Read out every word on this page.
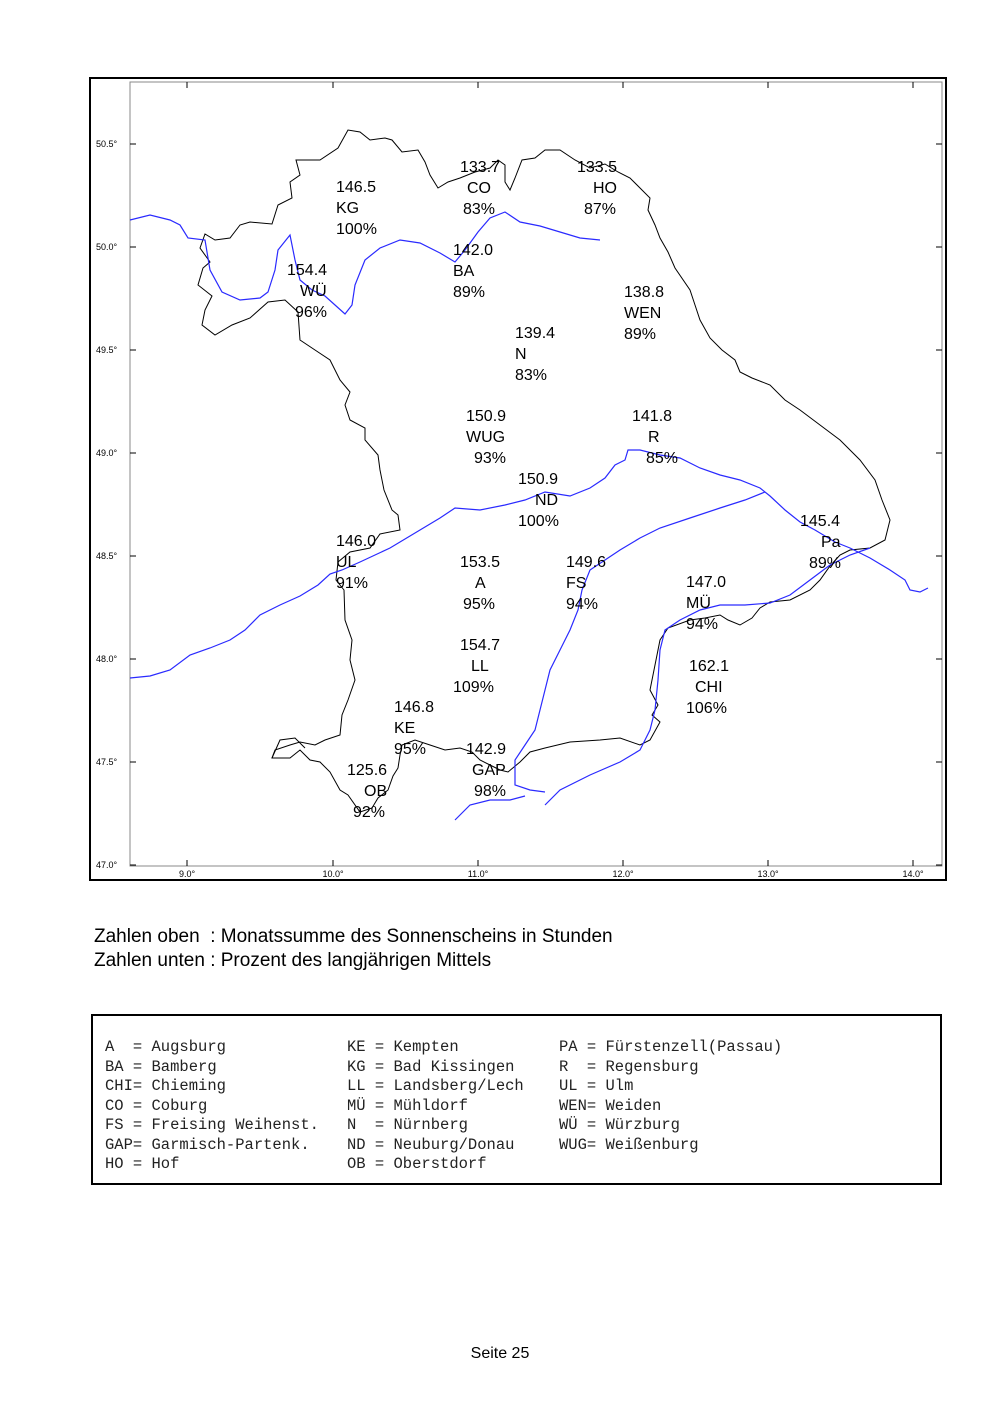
50.5°
50.0°
49.5°
49.0°
48.5°
48.0°
47.5°
47.0°
9.0°	10.0°	11.0°	12.0°	13.0°	14.0°
146.5
KG
100%
133.7
CO
83%
133.5
HO
87%
142.0
BA
89%
154.4
WÜ
96%
138.8
WEN
89%
139.4
N
83%
150.9
WUG
93%
141.8
R
85%
150.9
ND
100%	145.4
Pa
89%
146.0
UL
91%
153.5
A
95%
149.6
FS
94%
147.0
MÜ
94%
154.7
LL
109%
162.1
CHI
106%
146.8
KE
95% 142.9
GAP
98%
125.6
OB
92%
Zahlen oben  : Monatssumme des Sonnenscheins in Stunden
Zahlen unten : Prozent des langjährigen Mittels
A  = Augsburg
BA = Bamberg
CHI= Chieming
CO = Coburg
FS = Freising Weihenst.
GAP= Garmisch-Partenk.
HO = Hof
KE = Kempten
KG = Bad Kissingen
LL = Landsberg/Lech
MÜ = Mühldorf
N  = Nürnberg
ND = Neuburg/Donau
OB = Oberstdorf
PA = Fürstenzell(Passau)
R  = Regensburg
UL = Ulm
WEN= Weiden
WÜ = Würzburg
WUG= Weißenburg
Seite 25
